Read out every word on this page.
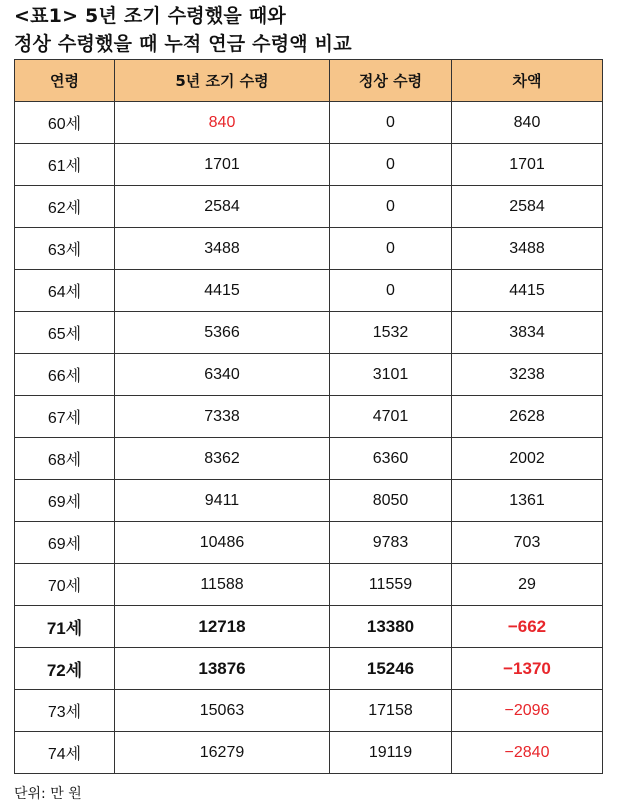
<표1> 5년 조기 수령했을 때와
정상 수령했을 때 누적 연금 수령액 비교
연령	5년 조기 수령	정상 수령	차액
60세	840	0	840
61세	1701	0	1701
62세	2584	0	2584
63세	3488	0	3488
64세	4415	0	4415
65세	5366	1532	3834
66세	6340	3101	3238
67세	7338	4701	2628
68세	8362	6360	2002
69세	9411	8050	1361
69세	10486	9783	703
70세	11588	11559	29
71세	12718	13380	−662
72세	13876	15246	−1370
73세	15063	17158	−2096
74세	16279	19119	−2840
단위: 만 원
